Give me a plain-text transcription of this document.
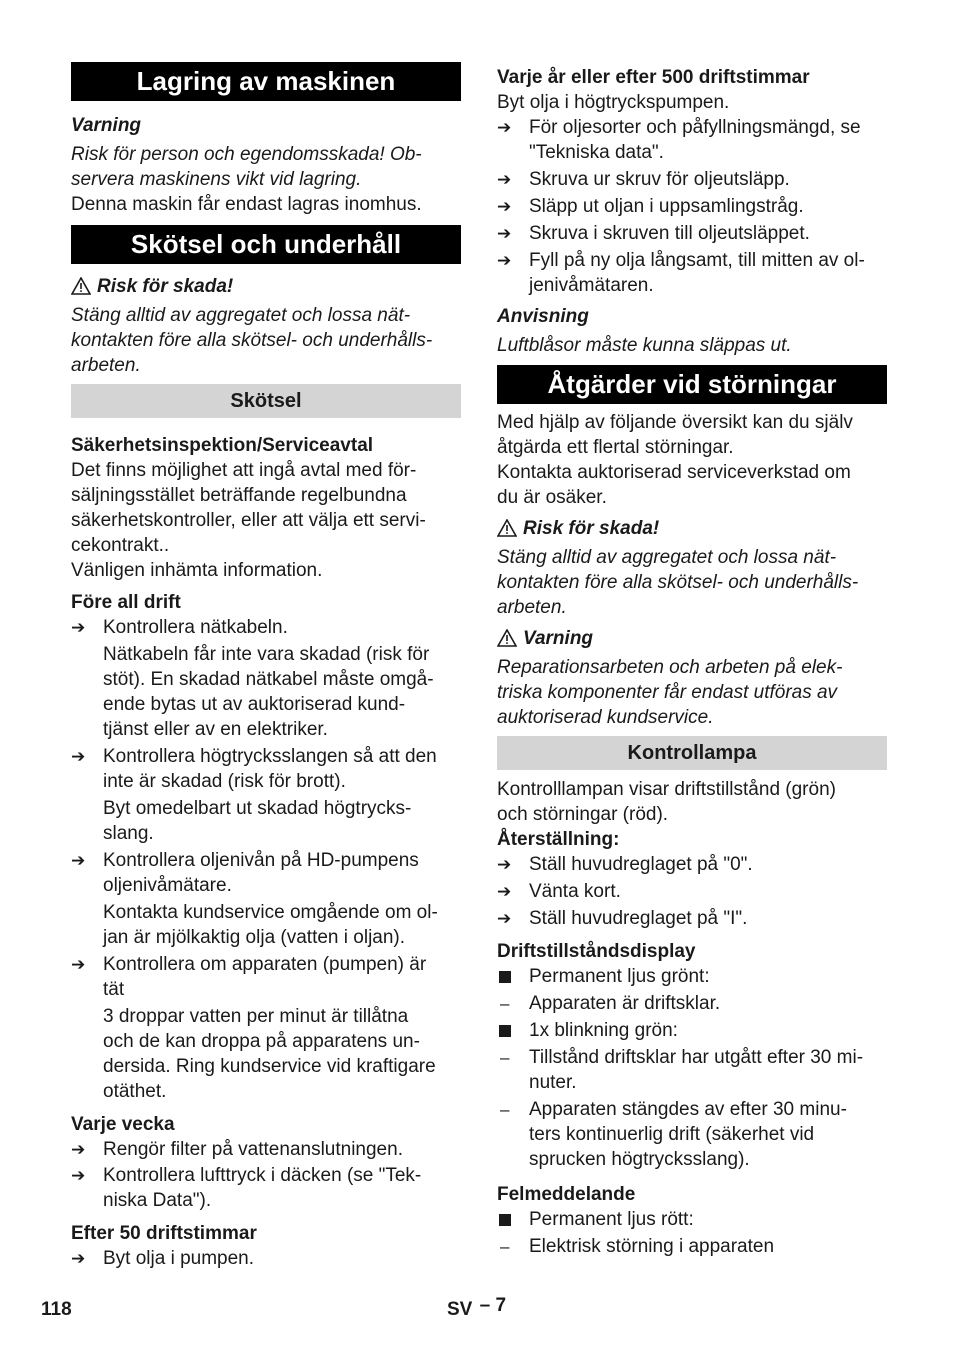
Lagring av maskinen

Varning

Risk för person och egendomsskada! Ob-

servera maskinens vikt vid lagring.

Denna maskin får endast lagras inomhus.

Skötsel och underhåll

Risk för skada!

Stäng alltid av aggregatet och lossa nät-

kontakten före alla skötsel- och underhålls-

arbeten.

Skötsel

Säkerhetsinspektion/Serviceavtal

Det finns möjlighet att ingå avtal med för-

säljningsstället beträffande regelbundna

säkerhetskontroller, eller att välja ett servi-

cekontrakt..

Vänligen inhämta information.

Före all drift

➔ Kontrollera nätkabeln.

Nätkabeln får inte vara skadad (risk för

stöt). En skadad nätkabel måste omgå-

ende bytas ut av auktoriserad kund-

tjänst eller av en elektriker.

➔ Kontrollera högtrycksslangen så att den

inte är skadad (risk för brott).

Byt omedelbart ut skadad högtrycks-

slang.

➔ Kontrollera oljenivån på HD-pumpens

oljenivåmätare.

Kontakta kundservice omgående om ol-

jan är mjölkaktig olja (vatten i oljan).

➔ Kontrollera om apparaten (pumpen) är

tät

3 droppar vatten per minut är tillåtna

och de kan droppa på apparatens un-

dersida. Ring kundservice vid kraftigare

otäthet.

Varje vecka

➔ Rengör filter på vattenanslutningen.

➔ Kontrollera lufttryck i däcken (se "Tek-

niska Data").

Efter 50 driftstimmar

➔ Byt olja i pumpen.

Varje år eller efter 500 driftstimmar

Byt olja i högtryckspumpen.

➔ För oljesorter och påfyllningsmängd, se

"Tekniska data".

➔ Skruva ur skruv för oljeutsläpp.

➔ Släpp ut oljan i uppsamlingstråg.

➔ Skruva i skruven till oljeutsläppet.

➔ Fyll på ny olja långsamt, till mitten av ol-

jenivåmätaren.

Anvisning

Luftblåsor måste kunna släppas ut.

Åtgärder vid störningar

Med hjälp av följande översikt kan du själv

åtgärda ett flertal störningar.

Kontakta auktoriserad serviceverkstad om

du är osäker.

Risk för skada!

Stäng alltid av aggregatet och lossa nät-

kontakten före alla skötsel- och underhålls-

arbeten.

Varning

Reparationsarbeten och arbeten på elek-

triska komponenter får endast utföras av

auktoriserad kundservice.

Kontrollampa

Kontrolllampan visar driftstillstånd (grön)

och störningar (röd).

Återställning:

➔ Ställ huvudreglaget på "0".

➔ Vänta kort.

➔ Ställ huvudreglaget på "I".

Driftstillståndsdisplay

Permanent ljus grönt:

–	Apparaten är driftsklar.

1x blinkning grön:

–	Tillstånd driftsklar har utgått efter 30 mi-

nuter.

–	Apparaten stängdes av efter 30 minu-

ters kontinuerlig drift (säkerhet vid

sprucken högtrycksslang).

Felmeddelande

Permanent ljus rött:

–	Elektrisk störning i apparaten

118	SV – 7
